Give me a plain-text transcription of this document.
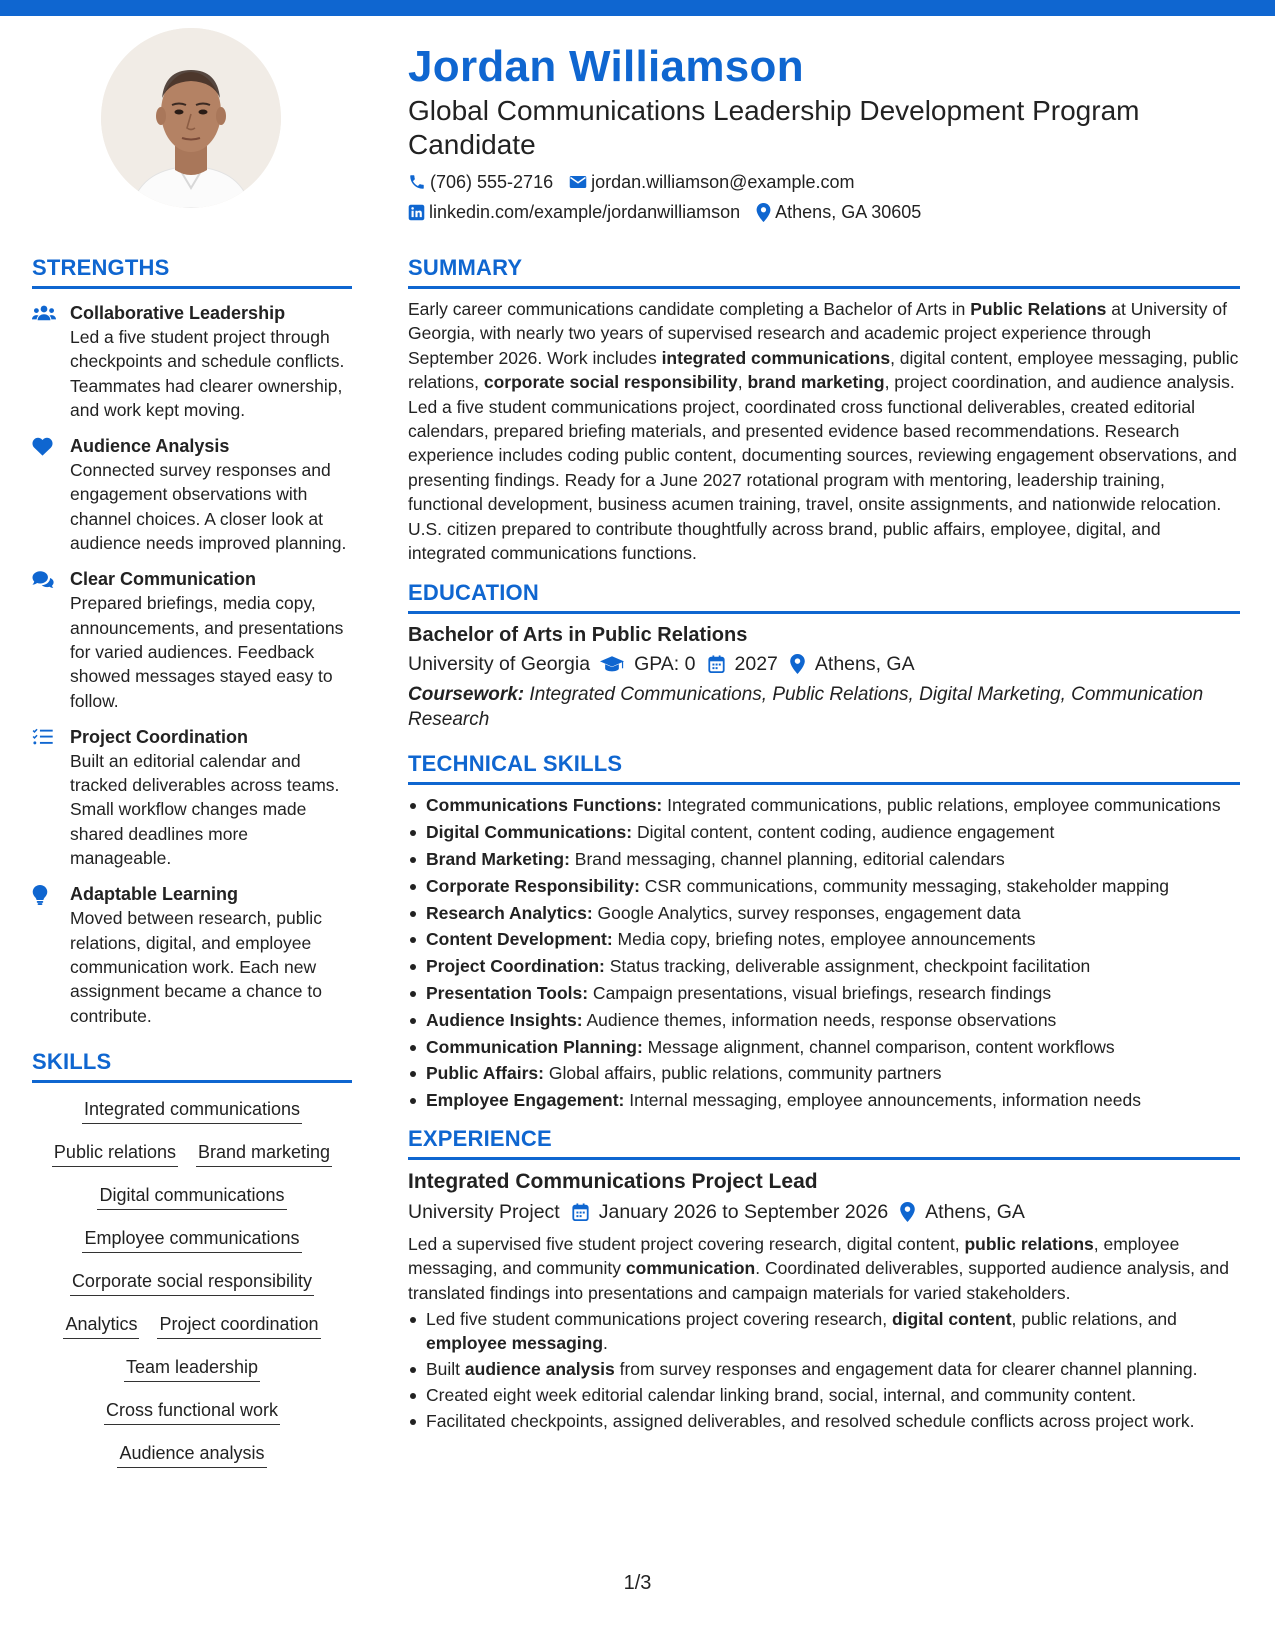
Jordan Williamson
Global Communications Leadership Development Program Candidate
(706) 555-2716 jordan.williamson@example.com
linkedin.com/example/jordanwilliamson Athens, GA 30605
STRENGTHS
Collaborative Leadership
Led a five student project through checkpoints and schedule conflicts. Teammates had clearer ownership, and work kept moving.
Audience Analysis
Connected survey responses and engagement observations with channel choices. A closer look at audience needs improved planning.
Clear Communication
Prepared briefings, media copy, announcements, and presentations for varied audiences. Feedback showed messages stayed easy to follow.
Project Coordination
Built an editorial calendar and tracked deliverables across teams. Small workflow changes made shared deadlines more manageable.
Adaptable Learning
Moved between research, public relations, digital, and employee communication work. Each new assignment became a chance to contribute.
SKILLS
Integrated communications
Public relations Brand marketing
Digital communications
Employee communications
Corporate social responsibility
Analytics Project coordination
Team leadership
Cross functional work
Audience analysis
SUMMARY
Early career communications candidate completing a Bachelor of Arts in Public Relations at University of Georgia, with nearly two years of supervised research and academic project experience through September 2026. Work includes integrated communications, digital content, employee messaging, public relations, corporate social responsibility, brand marketing, project coordination, and audience analysis. Led a five student communications project, coordinated cross functional deliverables, created editorial calendars, prepared briefing materials, and presented evidence based recommendations. Research experience includes coding public content, documenting sources, reviewing engagement observations, and presenting findings. Ready for a June 2027 rotational program with mentoring, leadership training, functional development, business acumen training, travel, onsite assignments, and nationwide relocation. U.S. citizen prepared to contribute thoughtfully across brand, public affairs, employee, digital, and integrated communications functions.
EDUCATION
Bachelor of Arts in Public Relations
University of Georgia GPA: 0 2027 Athens, GA
Coursework: Integrated Communications, Public Relations, Digital Marketing, Communication Research
TECHNICAL SKILLS
Communications Functions: Integrated communications, public relations, employee communications
Digital Communications: Digital content, content coding, audience engagement
Brand Marketing: Brand messaging, channel planning, editorial calendars
Corporate Responsibility: CSR communications, community messaging, stakeholder mapping
Research Analytics: Google Analytics, survey responses, engagement data
Content Development: Media copy, briefing notes, employee announcements
Project Coordination: Status tracking, deliverable assignment, checkpoint facilitation
Presentation Tools: Campaign presentations, visual briefings, research findings
Audience Insights: Audience themes, information needs, response observations
Communication Planning: Message alignment, channel comparison, content workflows
Public Affairs: Global affairs, public relations, community partners
Employee Engagement: Internal messaging, employee announcements, information needs
EXPERIENCE
Integrated Communications Project Lead
University Project January 2026 to September 2026 Athens, GA
Led a supervised five student project covering research, digital content, public relations, employee messaging, and community communication. Coordinated deliverables, supported audience analysis, and translated findings into presentations and campaign materials for varied stakeholders.
Led five student communications project covering research, digital content, public relations, and employee messaging.
Built audience analysis from survey responses and engagement data for clearer channel planning.
Created eight week editorial calendar linking brand, social, internal, and community content.
Facilitated checkpoints, assigned deliverables, and resolved schedule conflicts across project work.
1/3
